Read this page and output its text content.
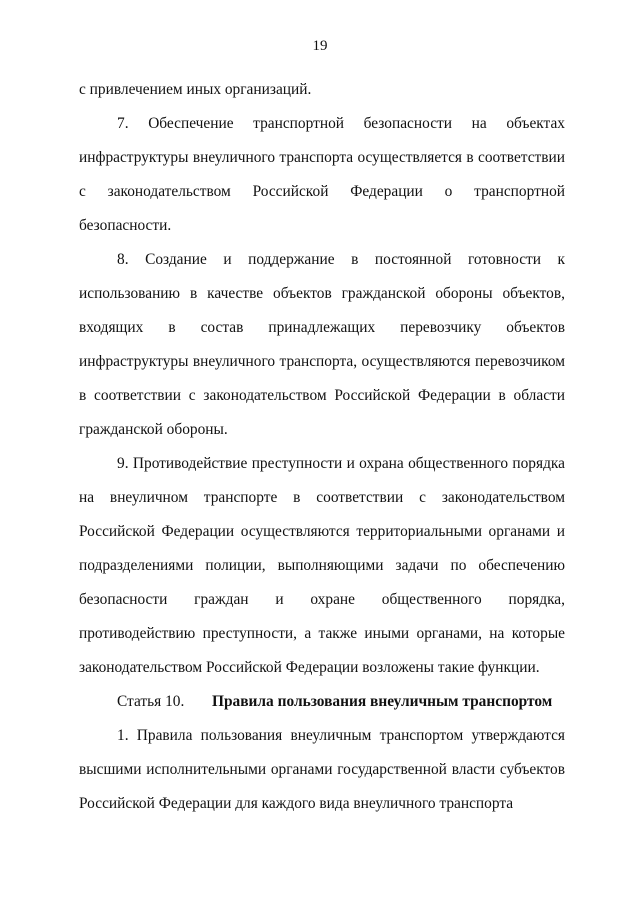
19

с привлечением иных организаций.

7. Обеспечение транспортной безопасности на объектах инфраструктуры внеуличного транспорта осуществляется в соответствии с законодательством Российской Федерации о транспортной безопасности.

8. Создание и поддержание в постоянной готовности к использованию в качестве объектов гражданской обороны объектов, входящих в состав принадлежащих перевозчику объектов инфраструктуры внеуличного транспорта, осуществляются перевозчиком в соответствии с законодательством Российской Федерации в области гражданской обороны.

9. Противодействие преступности и охрана общественного порядка на внеуличном транспорте в соответствии с законодательством Российской Федерации осуществляются территориальными органами и подразделениями полиции, выполняющими задачи по обеспечению безопасности граждан и охране общественного порядка, противодействию преступности, а также иными органами, на которые законодательством Российской Федерации возложены такие функции.

Статья 10. Правила пользования внеуличным транспортом

1. Правила пользования внеуличным транспортом утверждаются высшими исполнительными органами государственной власти субъектов Российской Федерации для каждого вида внеуличного транспорта
